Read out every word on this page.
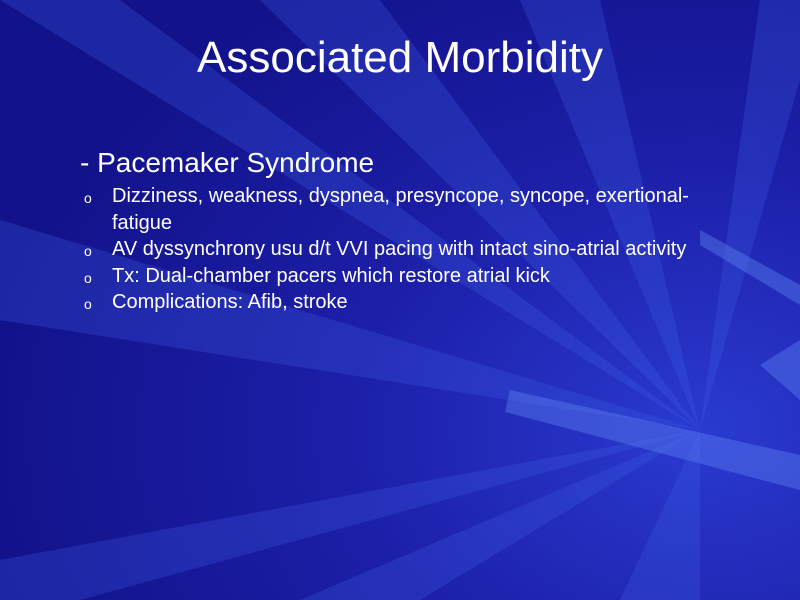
Associated Morbidity
- Pacemaker Syndrome
o Dizziness, weakness, dyspnea, presyncope, syncope, exertional-fatigue
o AV dyssynchrony usu d/t VVI pacing with intact sino-atrial activity
o Tx: Dual-chamber pacers which restore atrial kick
o Complications: Afib, stroke
